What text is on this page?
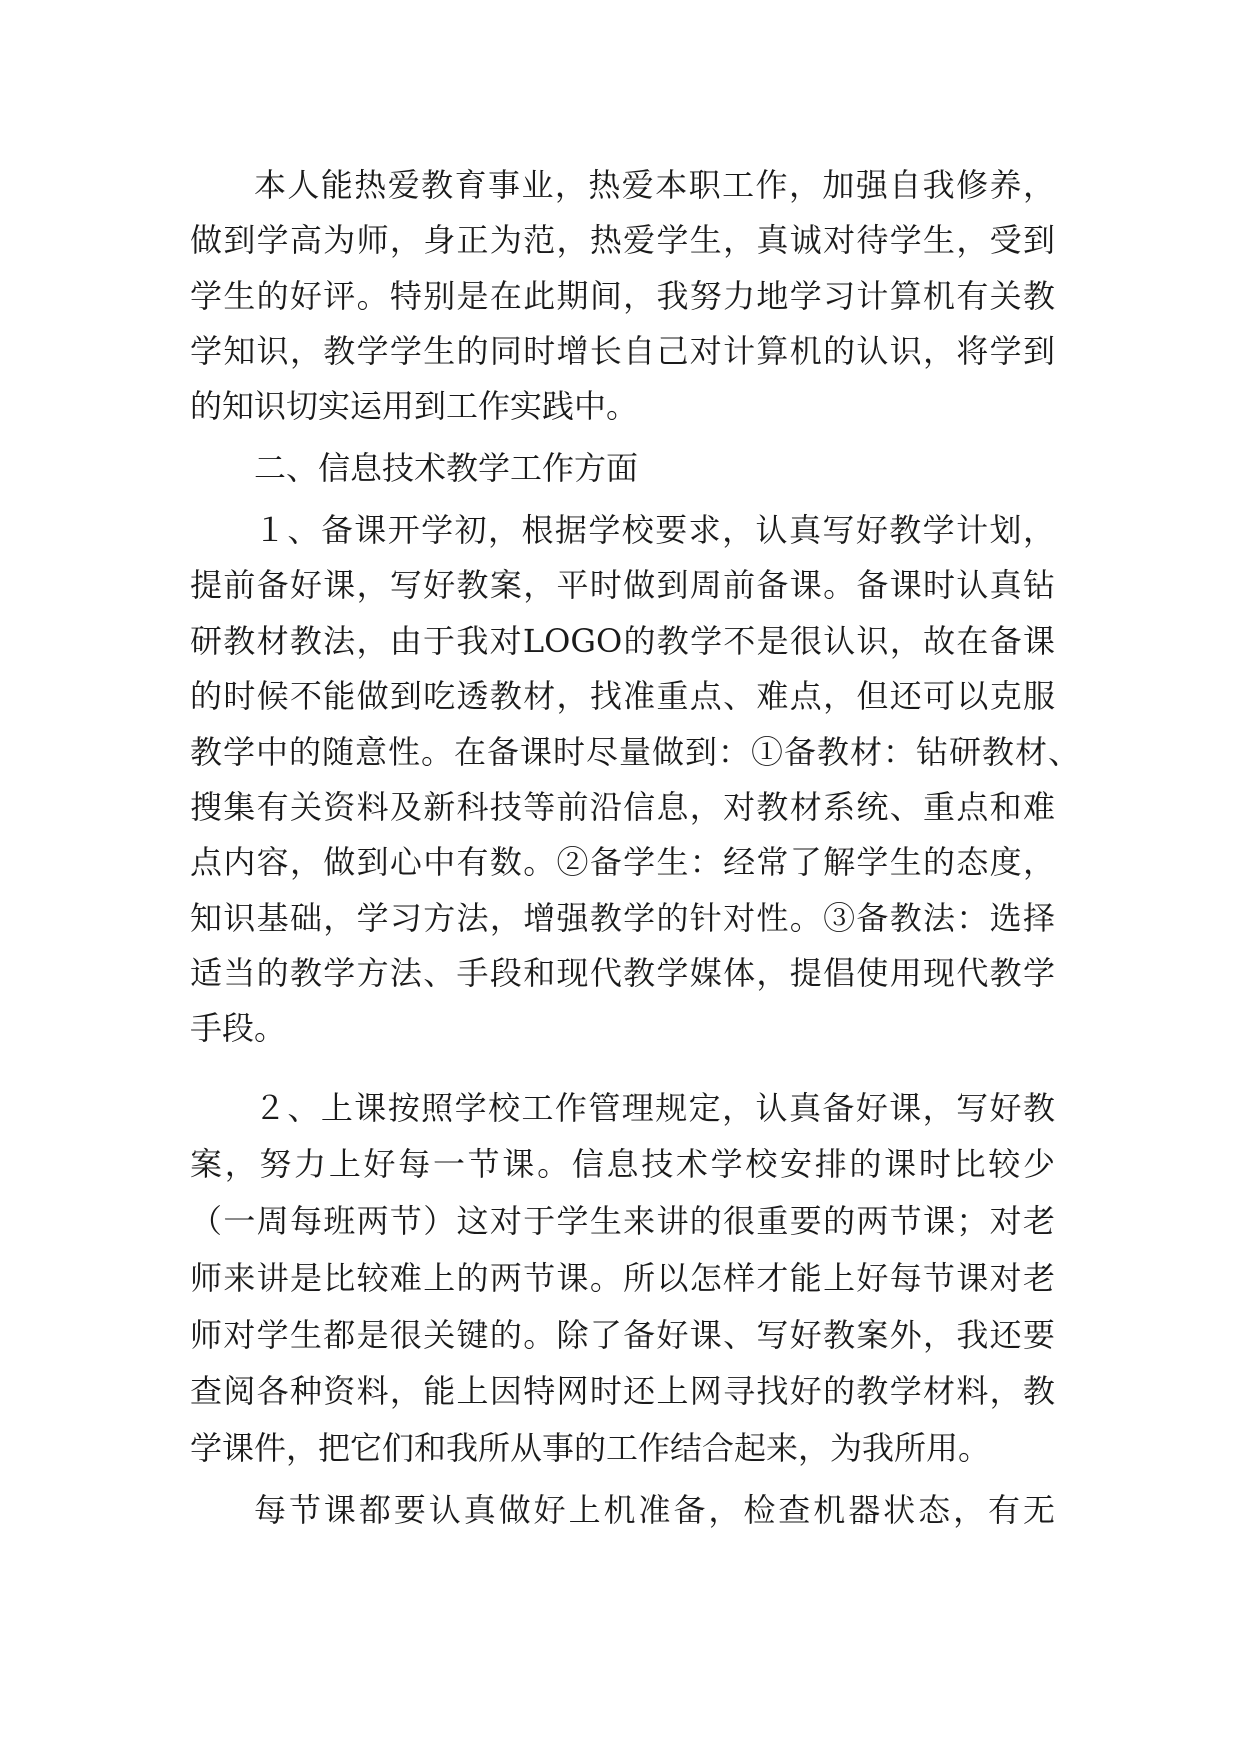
本人能热爱教育事业，热爱本职工作，加强自我修养，
做到学高为师，身正为范，热爱学生，真诚对待学生，受到
学生的好评。特别是在此期间，我努力地学习计算机有关教
学知识，教学学生的同时增长自己对计算机的认识，将学到
的知识切实运用到工作实践中。
二、信息技术教学工作方面
１、备课开学初，根据学校要求，认真写好教学计划，
提前备好课，写好教案，平时做到周前备课。备课时认真钻
研教材教法，由于我对LOGO的教学不是很认识，故在备课
的时候不能做到吃透教材，找准重点、难点，但还可以克服
教学中的随意性。在备课时尽量做到：①备教材：钻研教材、
搜集有关资料及新科技等前沿信息，对教材系统、重点和难
点内容，做到心中有数。②备学生：经常了解学生的态度，
知识基础，学习方法，增强教学的针对性。③备教法：选择
适当的教学方法、手段和现代教学媒体，提倡使用现代教学
手段。
２、上课按照学校工作管理规定，认真备好课，写好教
案，努力上好每一节课。信息技术学校安排的课时比较少
（一周每班两节）这对于学生来讲的很重要的两节课；对老
师来讲是比较难上的两节课。所以怎样才能上好每节课对老
师对学生都是很关键的。除了备好课、写好教案外，我还要
查阅各种资料，能上因特网时还上网寻找好的教学材料，教
学课件，把它们和我所从事的工作结合起来，为我所用。
每节课都要认真做好上机准备，检查机器状态，有无
